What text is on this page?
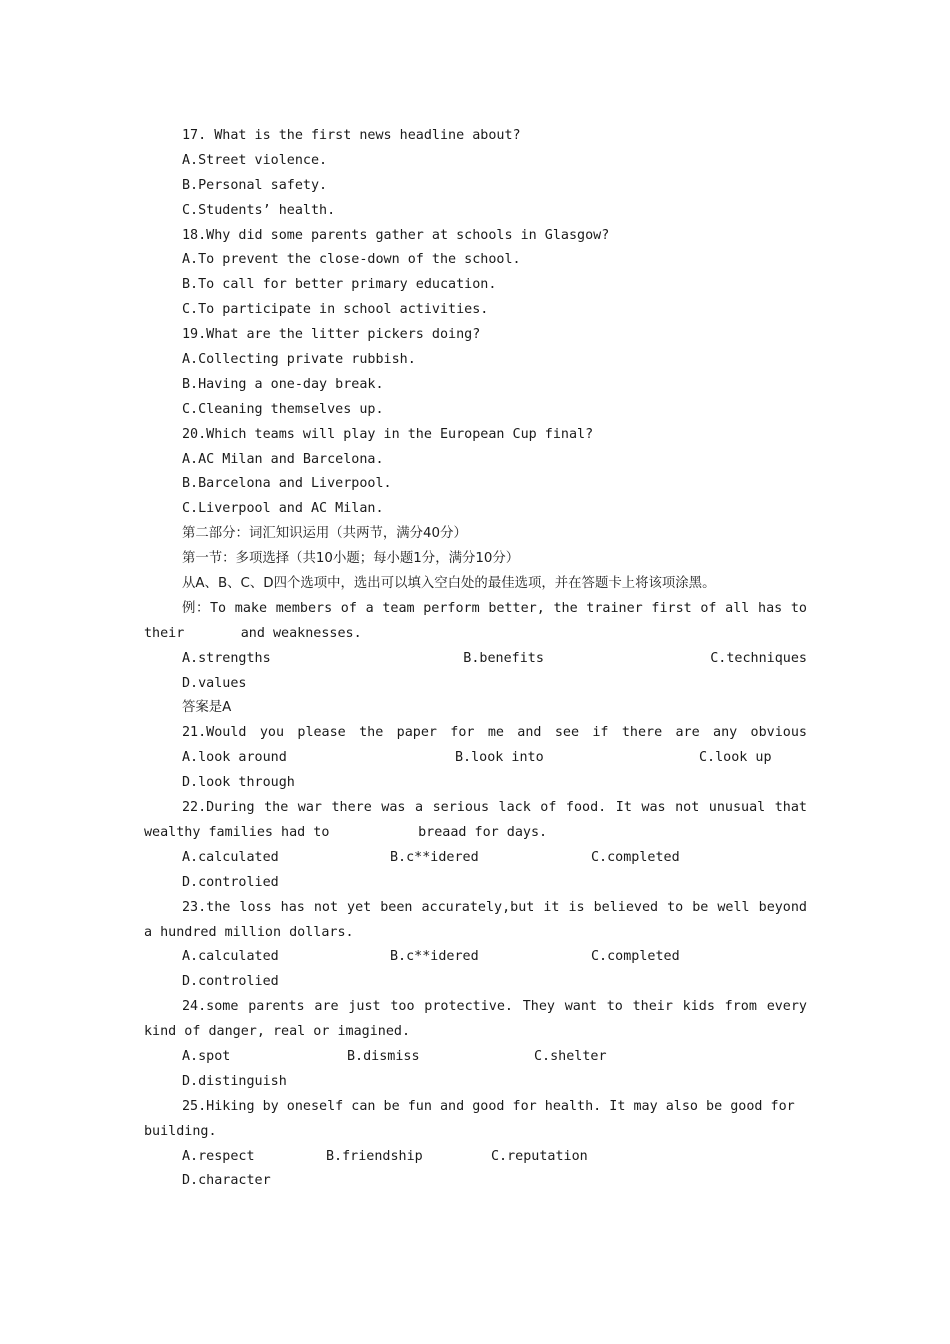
17. What is the first news headline about?
A.Street violence.
B.Personal safety.
C.Students’ health.
18.Why did some parents gather at schools in Glasgow?
A.To prevent the close-down of the school.
B.To call for better primary education.
C.To participate in school activities.
19.What are the litter pickers doing?
A.Collecting private rubbish.
B.Having a one-day break.
C.Cleaning themselves up.
20.Which teams will play in the European Cup final?
A.AC Milan and Barcelona.
B.Barcelona and Liverpool.
C.Liverpool and AC Milan.
第二部分：词汇知识运用（共两节，满分40分）
第一节：多项选择（共10小题；每小题1分，满分10分）
从A、B、C、D四个选项中，选出可以填入空白处的最佳选项，并在答题卡上将该项涂黑。
例：To make members of a team perform better, the trainer first of all has to
their       and weaknesses.
A.strengths	B.benefits	C.techniques
D.values
答案是A
21.Would you please the paper for me and see if there are any obvious
A.look around	B.look into	C.look up
D.look through
22.During the war there was a serious lack of food. It was not unusual that
wealthy families had to           breaad for days.
A.calculated	B.c**idered	C.completed
D.controlied
23.the loss has not yet been accurately,but it is believed to be well beyond
a hundred million dollars.
A.calculated	B.c**idered	C.completed
D.controlied
24.some parents are just too protective. They want to their kids from every
kind of danger, real or imagined.
A.spot	B.dismiss	C.shelter
D.distinguish
25.Hiking by oneself can be fun and good for health. It may also be good for
building.
A.respect	B.friendship	C.reputation
D.character
